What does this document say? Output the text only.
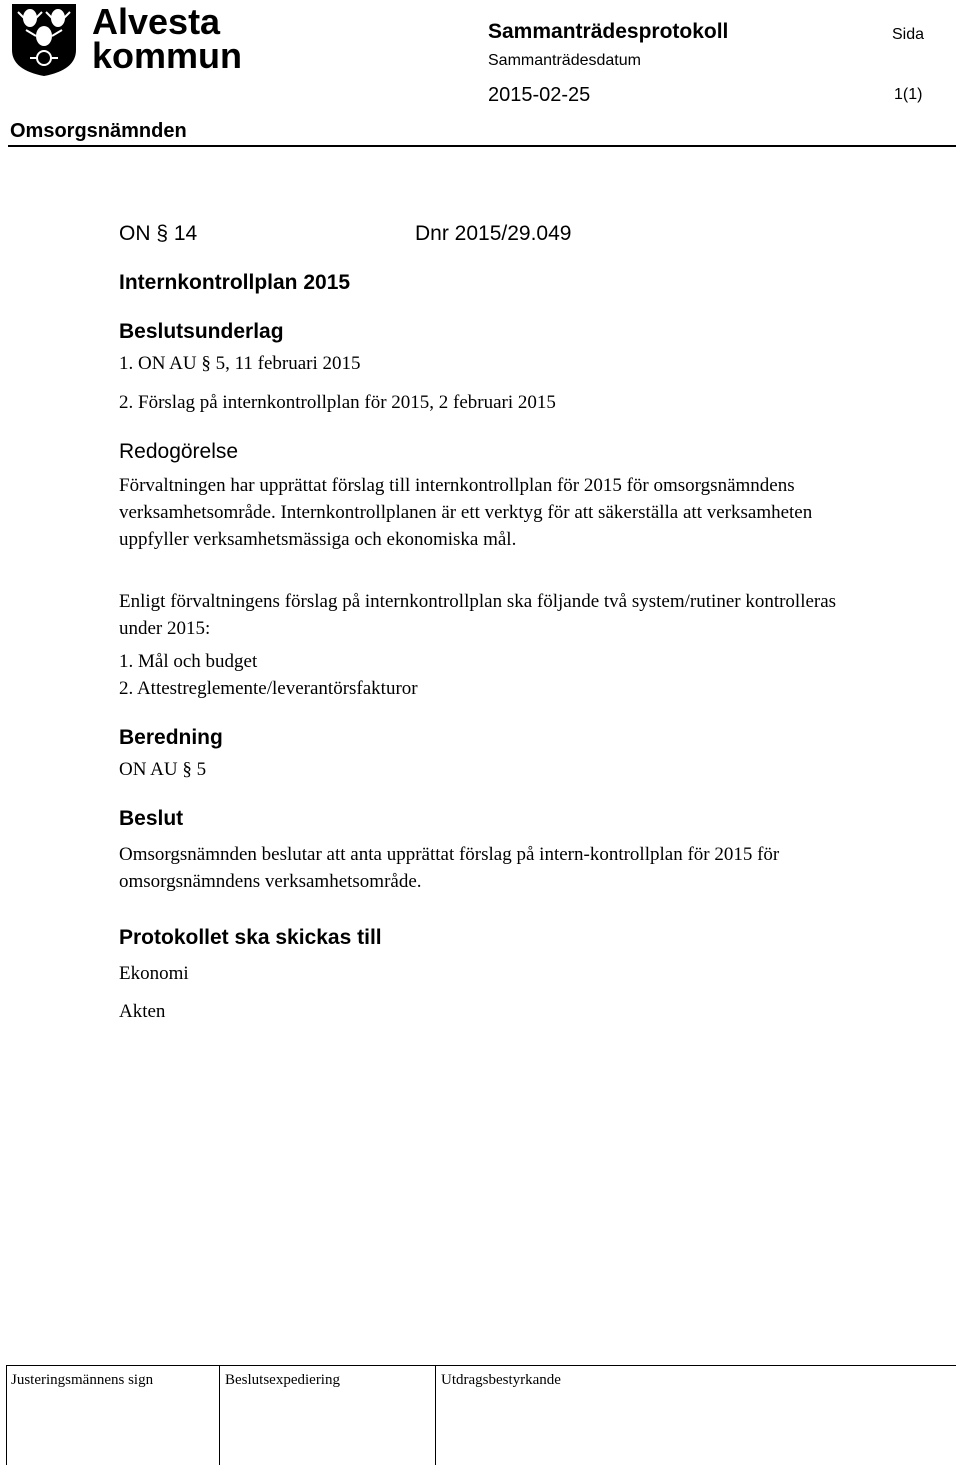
Alvesta
kommun
Sammanträdesprotokoll
Sammanträdesdatum
2015-02-25
Sida
1(1)
Omsorgsnämnden
ON § 14	Dnr 2015/29.049
Internkontrollplan 2015
Beslutsunderlag
1. ON AU § 5, 11 februari 2015
2. Förslag på internkontrollplan för 2015, 2 februari 2015
Redogörelse
Förvaltningen har upprättat förslag till internkontrollplan för 2015 för omsorgsnämndens verksamhetsområde. Internkontrollplanen är ett verktyg för att säkerställa att verksamheten uppfyller verksamhetsmässiga och ekonomiska mål.
Enligt förvaltningens förslag på internkontrollplan ska följande två system/rutiner kontrolleras under 2015:
1. Mål och budget
2. Attestreglemente/leverantörsfakturor
Beredning
ON AU § 5
Beslut
Omsorgsnämnden beslutar att anta upprättat förslag på intern-kontrollplan för 2015 för omsorgsnämndens verksamhetsområde.
Protokollet ska skickas till
Ekonomi
Akten
Justeringsmännens sign	Beslutsexpediering	Utdragsbestyrkande
